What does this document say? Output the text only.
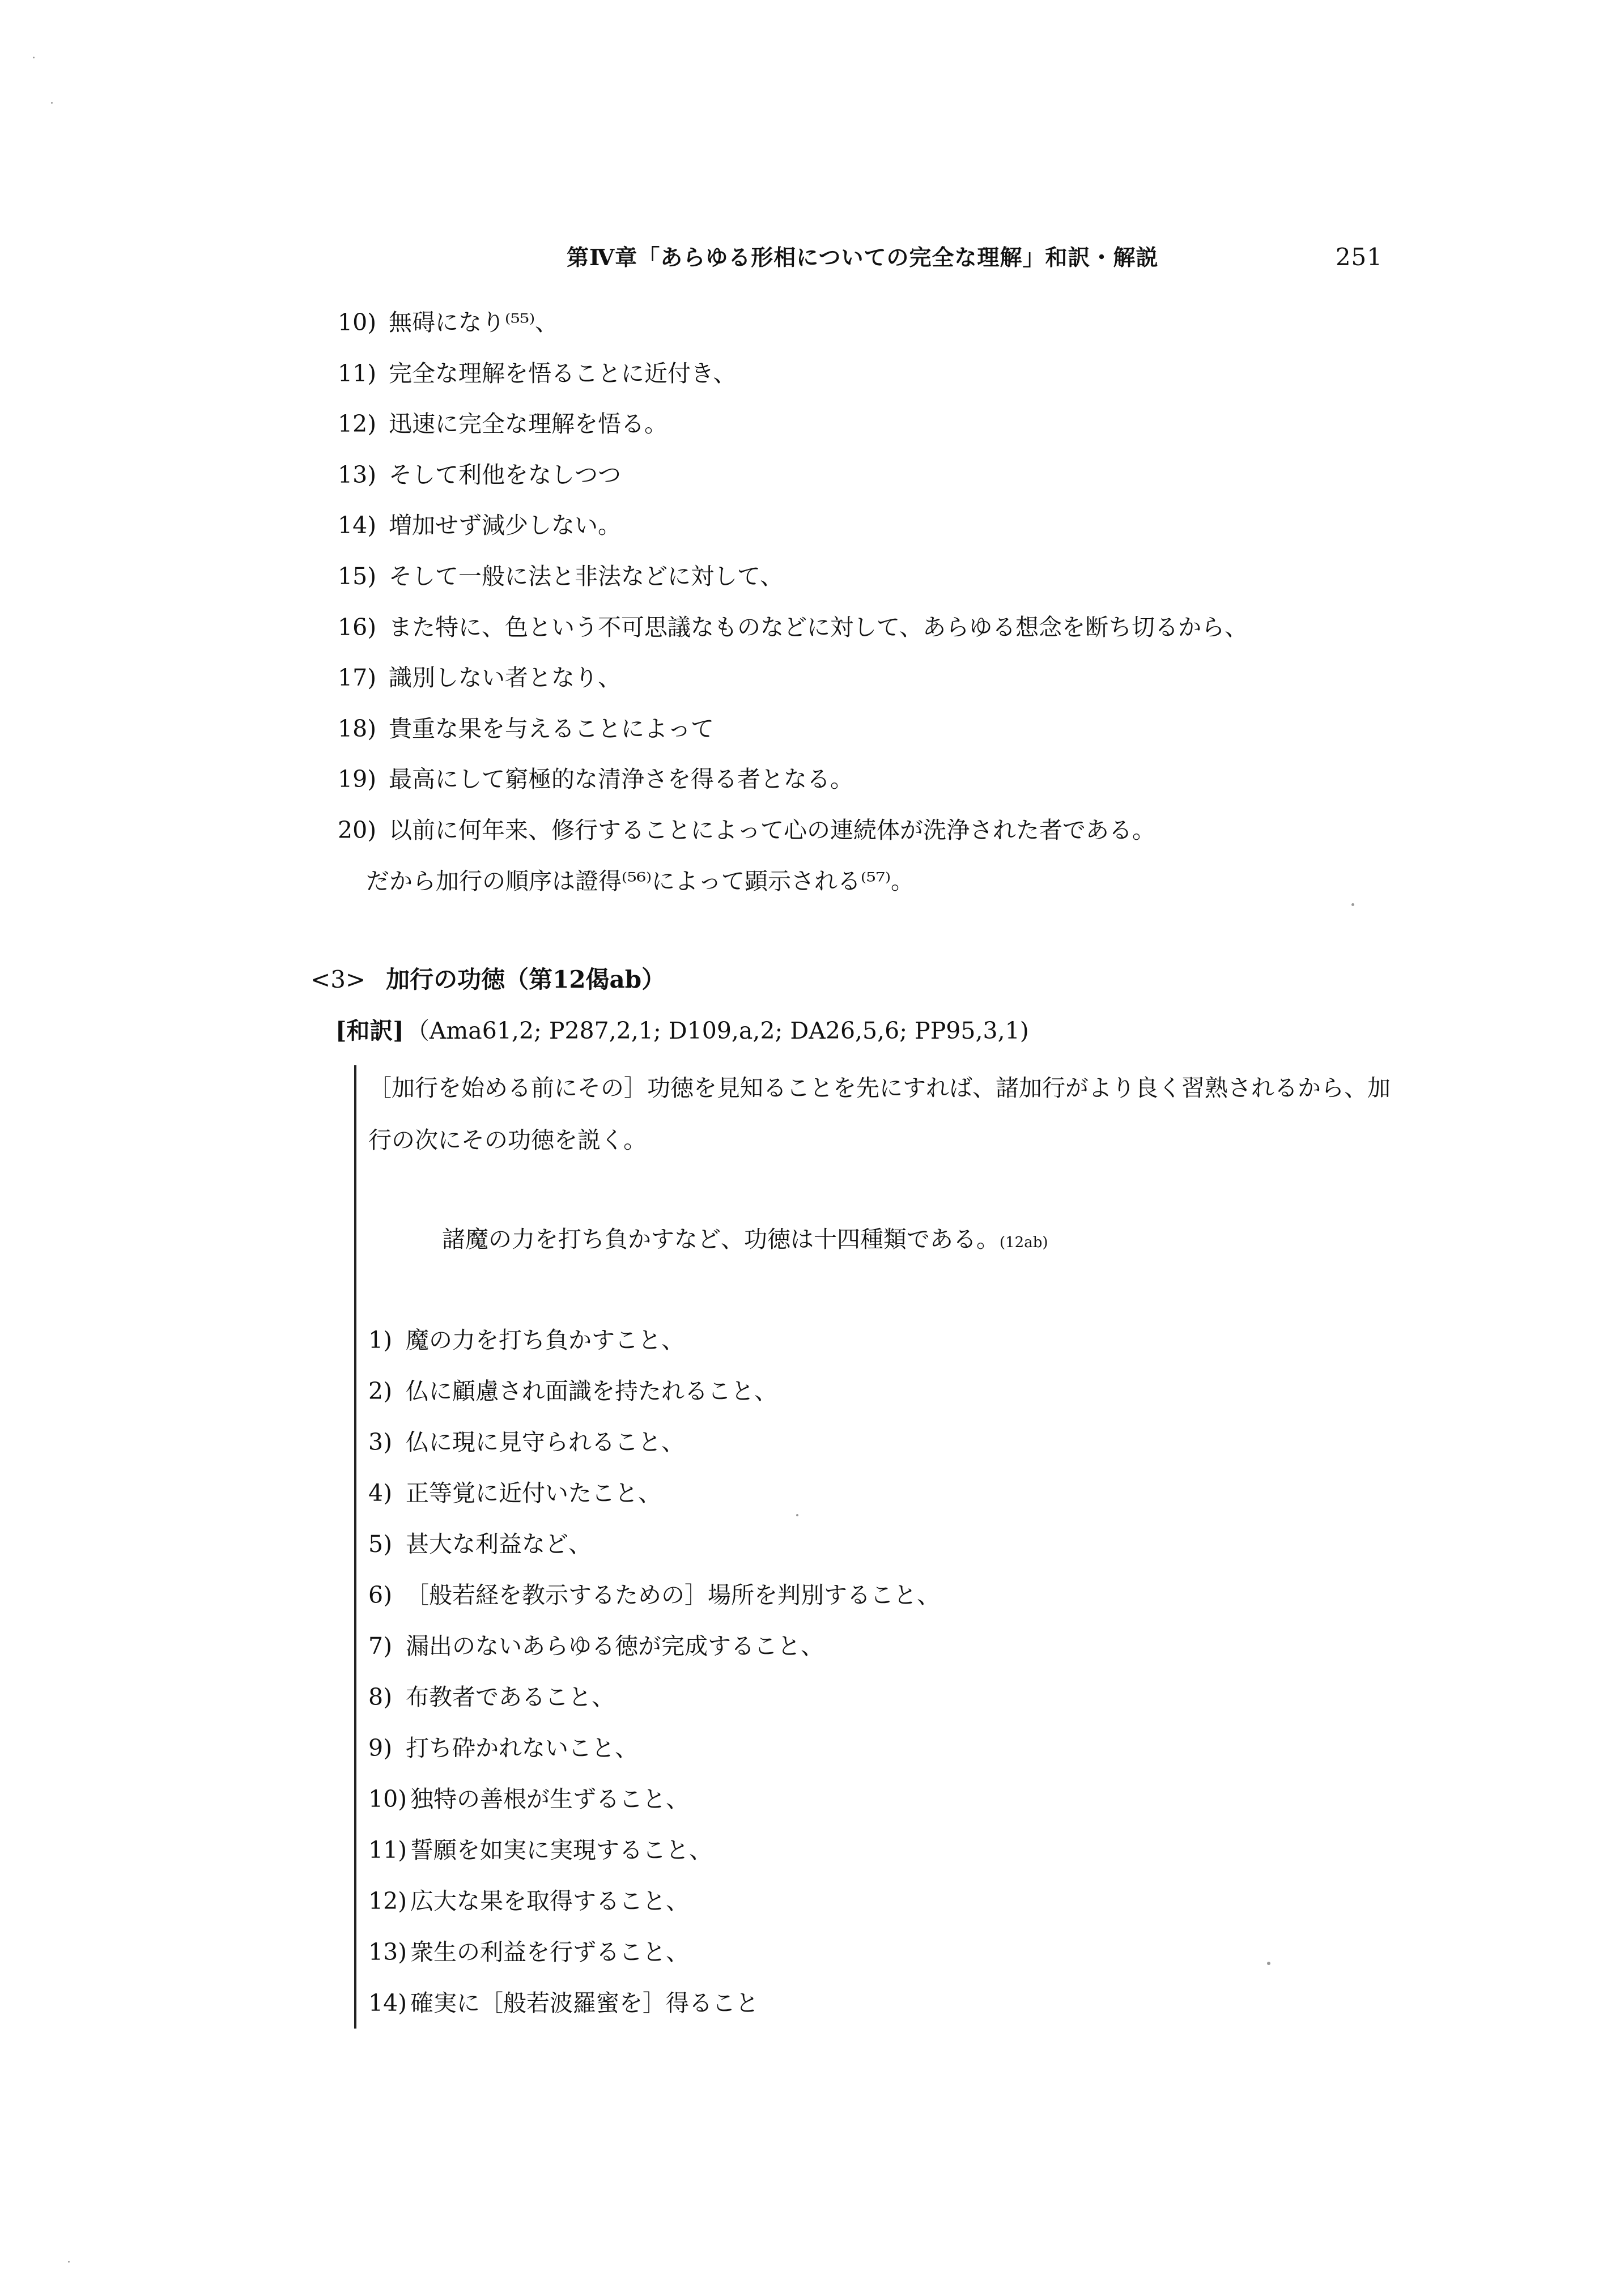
第Ⅳ章「あらゆる形相についての完全な理解」和訳・解説	251
10) 無碍になり⁽⁵⁵⁾、
11) 完全な理解を悟ることに近付き、
12) 迅速に完全な理解を悟る。
13) そして利他をなしつつ
14) 増加せず減少しない。
15) そして一般に法と非法などに対して、
16) また特に、色という不可思議なものなどに対して、あらゆる想念を断ち切るから、
17) 識別しない者となり、
18) 貴重な果を与えることによって
19) 最高にして窮極的な清浄さを得る者となる。
20) 以前に何年来、修行することによって心の連続体が洗浄された者である。
だから加行の順序は證得⁽⁵⁶⁾によって顕示される⁽⁵⁷⁾。
<3> 加行の功徳（第12偈ab）
[和訳]（Ama61,2; P287,2,1; D109,a,2; DA26,5,6; PP95,3,1)
［加行を始める前にその］功徳を見知ることを先にすれば、諸加行がより良く習熟されるから、加行の次にその功徳を説く。
諸魔の力を打ち負かすなど、功徳は十四種類である。(12ab)
1) 魔の力を打ち負かすこと、
2) 仏に顧慮され面識を持たれること、
3) 仏に現に見守られること、
4) 正等覚に近付いたこと、
5) 甚大な利益など、
6) ［般若経を教示するための］場所を判別すること、
7) 漏出のないあらゆる徳が完成すること、
8) 布教者であること、
9) 打ち砕かれないこと、
10) 独特の善根が生ずること、
11) 誓願を如実に実現すること、
12) 広大な果を取得すること、
13) 衆生の利益を行ずること、
14) 確実に［般若波羅蜜を］得ること
